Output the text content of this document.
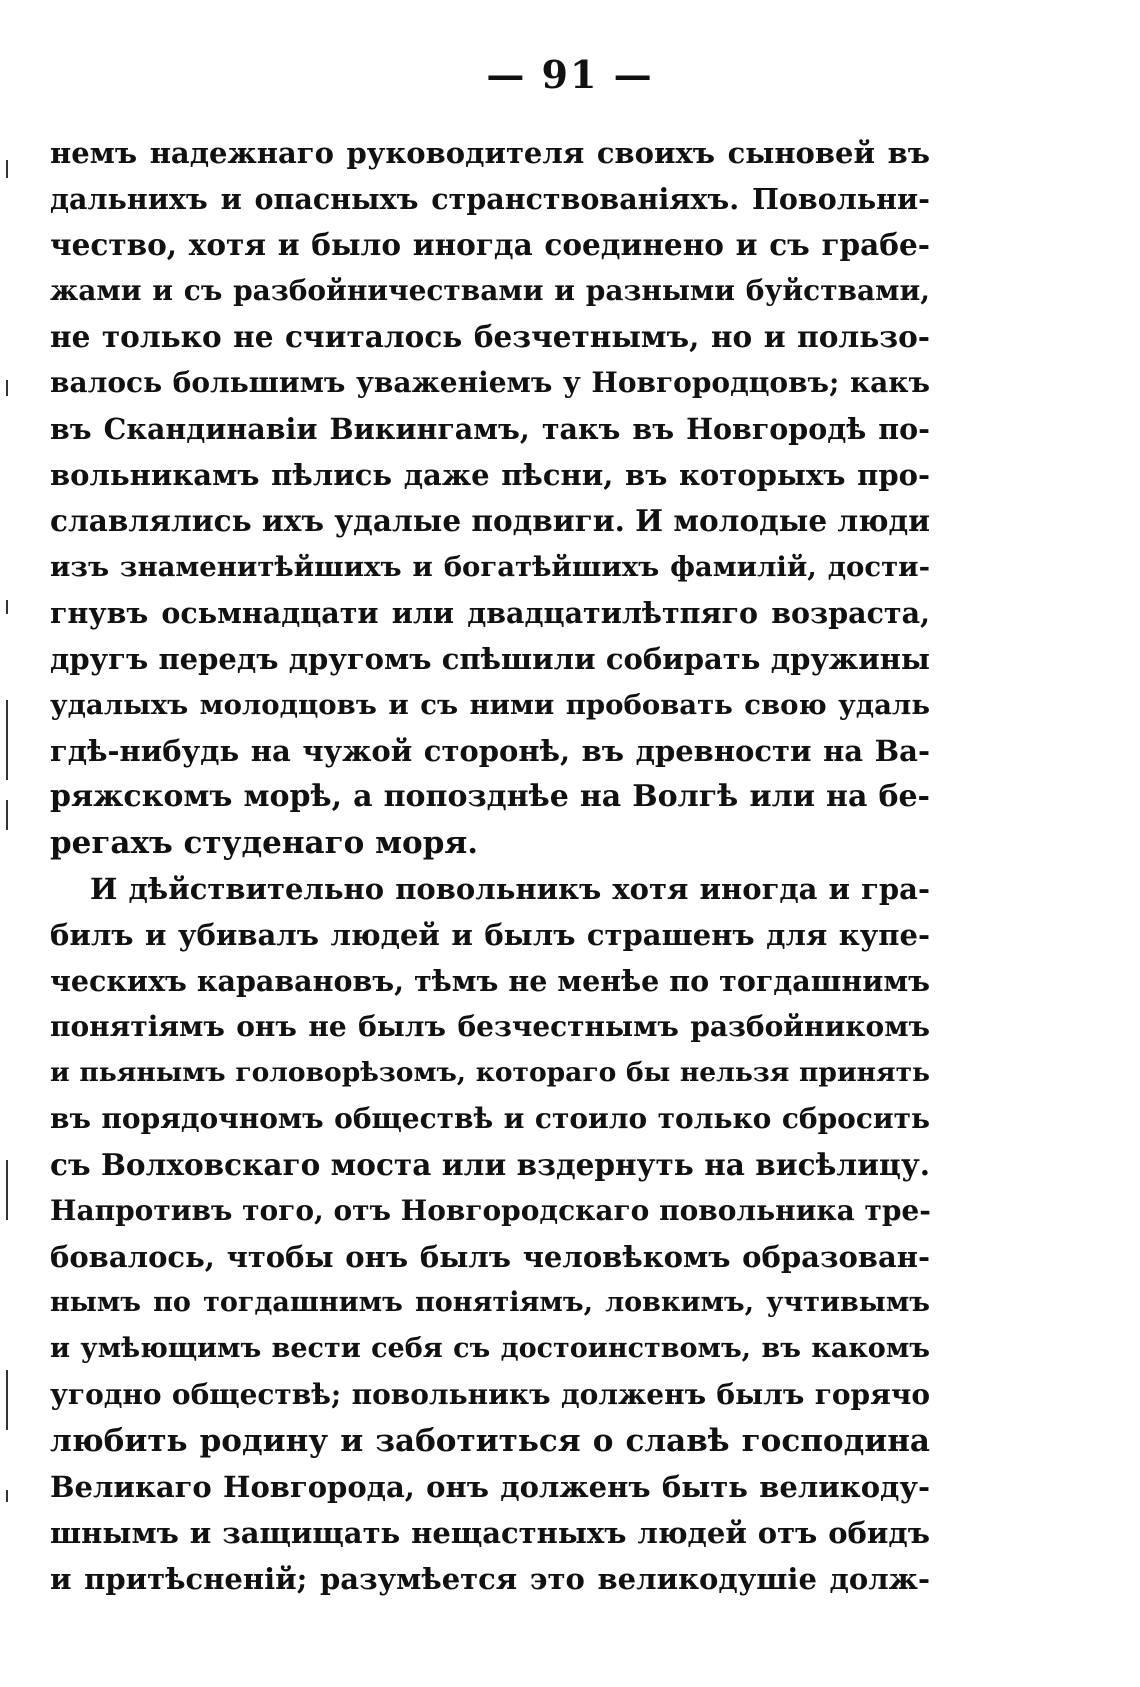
— 91 —
немъ надежнаго руководителя своихъ сыновей въ
дальнихъ и опасныхъ странствованіяхъ. Повольни-
чество, хотя и было иногда соединено и съ грабе-
жами и съ разбойничествами и разными буйствами,
не только не считалось безчетнымъ, но и пользо-
валось большимъ уваженіемъ у Новгородцовъ; какъ
въ Скандинавіи Викингамъ, такъ въ Новгородѣ по-
вольникамъ пѣлись даже пѣсни, въ которыхъ про-
славлялись ихъ удалые подвиги. И молодые люди
изъ знаменитѣйшихъ и богатѣйшихъ фамилій, дости-
гнувъ осьмнадцати или двадцатилѣтпяго возраста,
другъ передъ другомъ спѣшили собирать дружины
удалыхъ молодцовъ и съ ними пробовать свою удаль
гдѣ-нибудь на чужой сторонѣ, въ древности на Ва-
ряжскомъ морѣ, а попозднѣе на Волгѣ или на бе-
регахъ студенаго моря.
И дѣйствительно повольникъ хотя иногда и гра-
билъ и убивалъ людей и былъ страшенъ для купе-
ческихъ каравановъ, тѣмъ не менѣе по тогдашнимъ
понятіямъ онъ не былъ безчестнымъ разбойникомъ
и пьянымъ головорѣзомъ, котораго бы нельзя принять
въ порядочномъ обществѣ и стоило только сбросить
съ Волховскаго моста или вздернуть на висѣлицу.
Напротивъ того, отъ Новгородскаго повольника тре-
бовалось, чтобы онъ былъ человѣкомъ образован-
нымъ по тогдашнимъ понятіямъ, ловкимъ, учтивымъ
и умѣющимъ вести себя съ достоинствомъ, въ какомъ
угодно обществѣ; повольникъ долженъ былъ горячо
любить родину и заботиться о славѣ господина
Великаго Новгорода, онъ долженъ быть великоду-
шнымъ и защищать нещастныхъ людей отъ обидъ
и притѣсненій; разумѣется это великодушіе долж-
